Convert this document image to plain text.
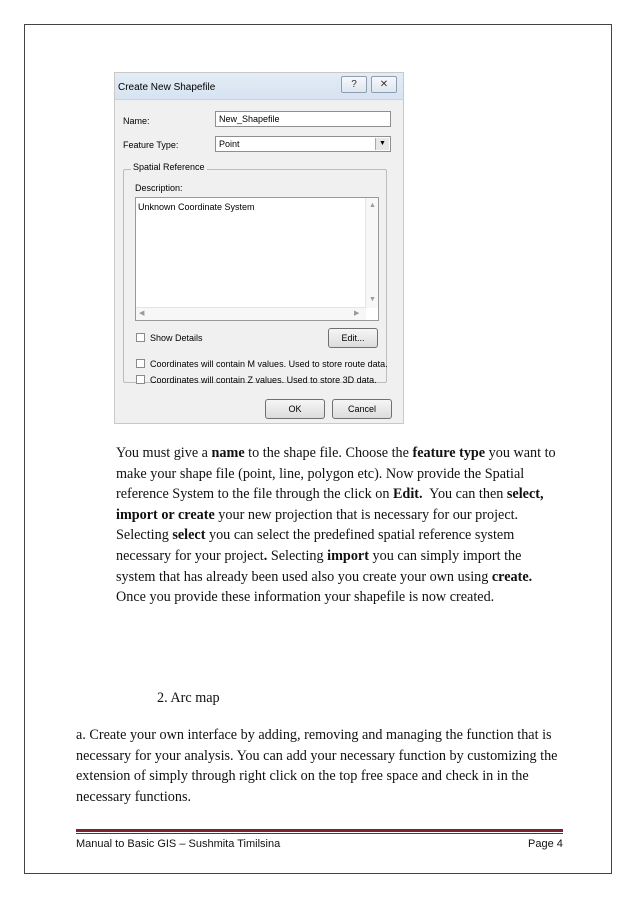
Create New Shapefile	?	✕
Name:	New_Shapefile
Feature Type:	Point	▼
Spatial Reference
Description:
Unknown Coordinate System	▲
▼
◀	▶
Show Details	Edit...
Coordinates will contain M values. Used to store route data.
Coordinates will contain Z values. Used to store 3D data.
OK	Cancel

You must give a name to the shape file. Choose the feature type you want to make your shape file (point, line, polygon etc). Now provide the Spatial reference System to the file through the click on Edit.  You can then select, import or create your new projection that is necessary for our project. Selecting select you can select the predefined spatial reference system necessary for your project. Selecting import you can simply import the system that has already been used also you create your own using create. Once you provide these information your shapefile is now created.

2. Arc map

a. Create your own interface by adding, removing and managing the function that is necessary for your analysis. You can add your necessary function by customizing the extension of simply through right click on the top free space and check in in the necessary functions.

Manual to Basic GIS – Sushmita Timilsina	Page 4
